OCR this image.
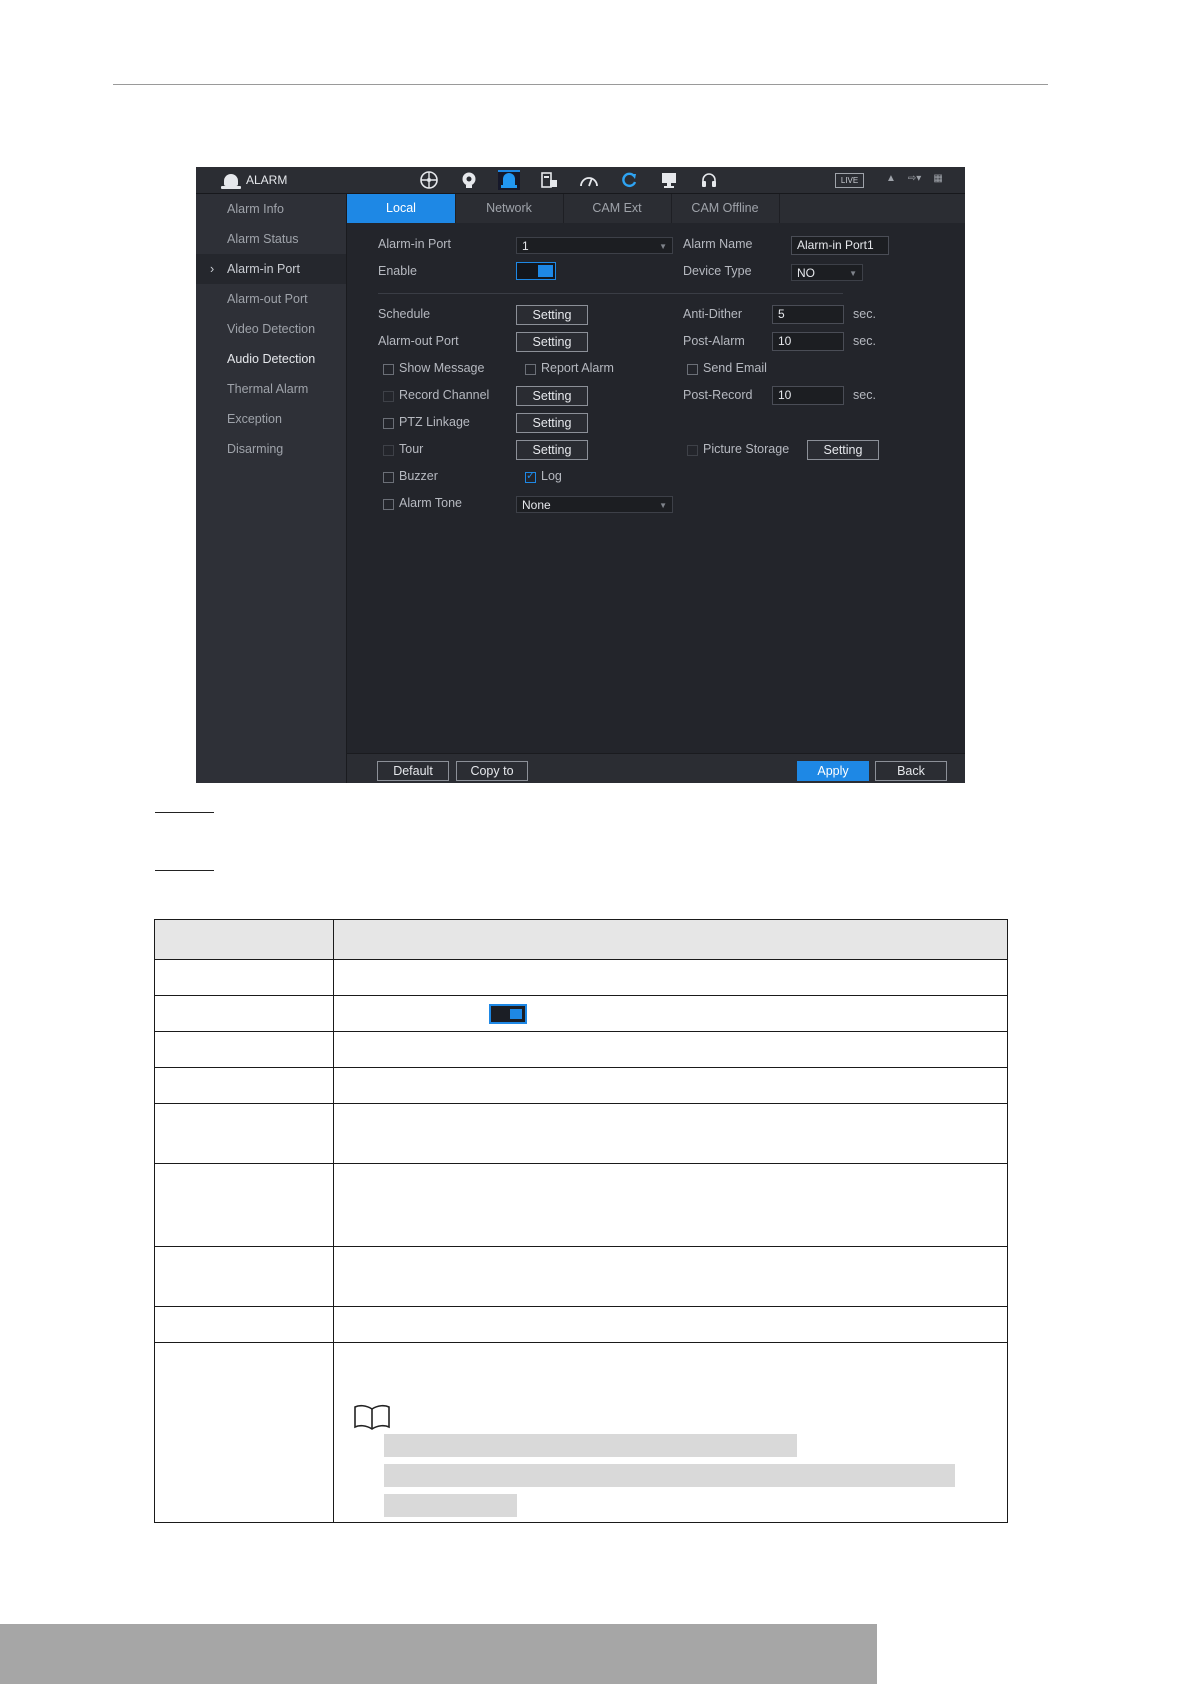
ALARM	LIVE	▲ ⇨▾ ▦
Alarm Info
Alarm Status
› Alarm-in Port
Alarm-out Port
Video Detection
Audio Detection
Thermal Alarm
Exception
Disarming
Local	Network	CAM Ext	CAM Offline
Alarm-in Port	1	▼ Alarm Name	Alarm-in Port1
Enable	Device Type	NO	▼
Schedule	Setting	Anti-Dither	5	sec.
Alarm-out Port	Setting	Post-Alarm	10	sec.
Show Message	Report Alarm	Send Email
Record Channel	Setting	Post-Record	10	sec.
PTZ Linkage	Setting
Tour	Setting	Picture Storage	Setting
Buzzer
✓	Log
Alarm Tone	None	▼
Default	Copy to	Apply	Back
